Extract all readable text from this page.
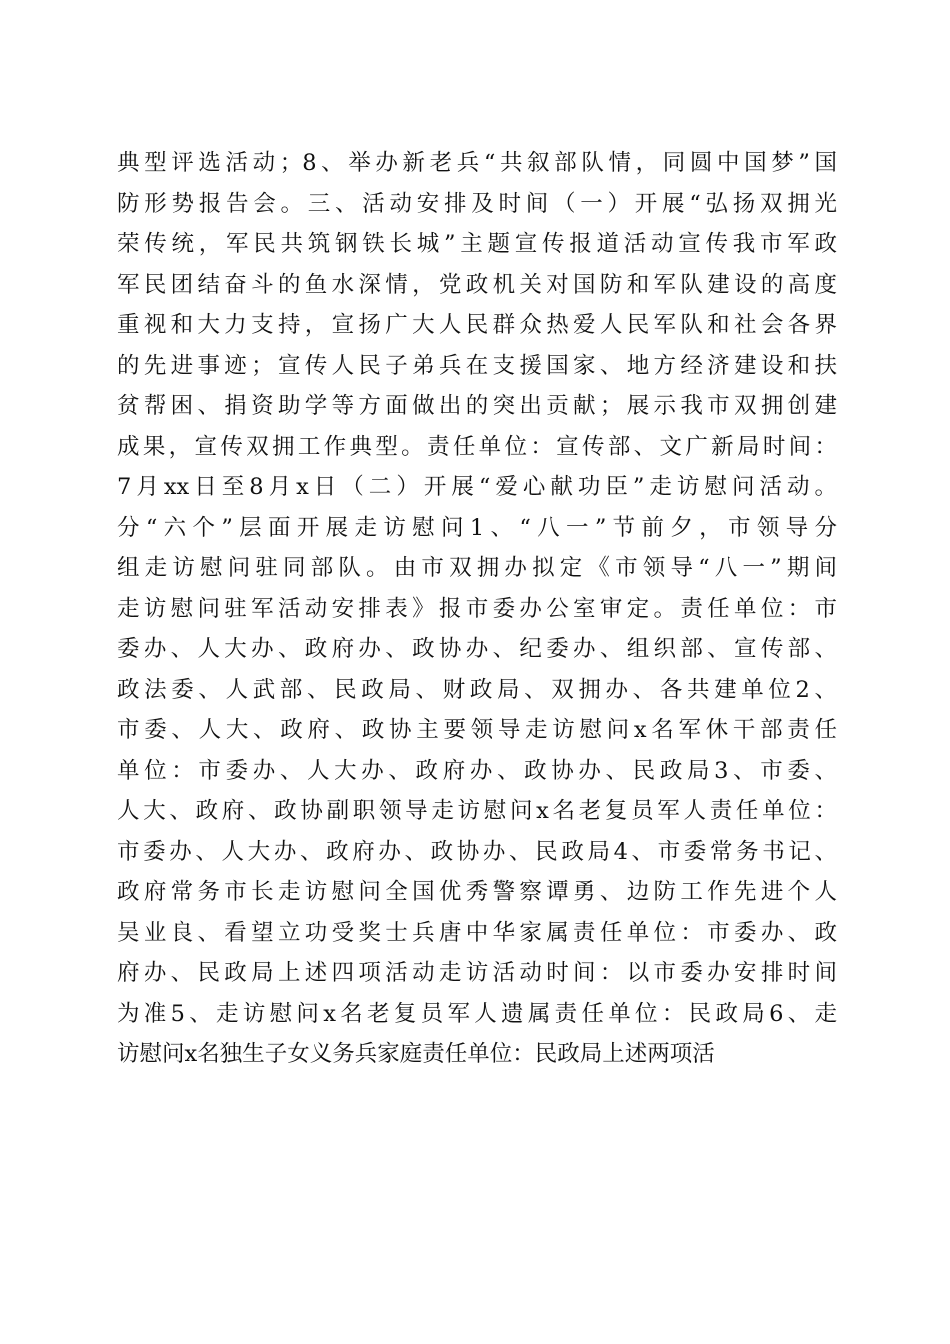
典型评选活动；8、举办新老兵“共叙部队情，同圆中国梦”国
防形势报告会。三、活动安排及时间（一）开展“弘扬双拥光
荣传统，军民共筑钢铁长城”主题宣传报道活动宣传我市军政
军民团结奋斗的鱼水深情，党政机关对国防和军队建设的高度
重视和大力支持，宣扬广大人民群众热爱人民军队和社会各界
的先进事迹；宣传人民子弟兵在支援国家、地方经济建设和扶
贫帮困、捐资助学等方面做出的突出贡献；展示我市双拥创建
成果，宣传双拥工作典型。责任单位：宣传部、文广新局时间：
7月xx日至8月x日（二）开展“爱心献功臣”走访慰问活动。
分“六个”层面开展走访慰问1、“八一”节前夕，市领导分
组走访慰问驻同部队。由市双拥办拟定《市领导“八一”期间
走访慰问驻军活动安排表》报市委办公室审定。责任单位：市
委办、人大办、政府办、政协办、纪委办、组织部、宣传部、
政法委、人武部、民政局、财政局、双拥办、各共建单位2、
市委、人大、政府、政协主要领导走访慰问x名军休干部责任
单位：市委办、人大办、政府办、政协办、民政局3、市委、
人大、政府、政协副职领导走访慰问x名老复员军人责任单位：
市委办、人大办、政府办、政协办、民政局4、市委常务书记、
政府常务市长走访慰问全国优秀警察谭勇、边防工作先进个人
吴业良、看望立功受奖士兵唐中华家属责任单位：市委办、政
府办、民政局上述四项活动走访活动时间：以市委办安排时间
为准5、走访慰问x名老复员军人遗属责任单位：民政局6、走
访慰问x名独生子女义务兵家庭责任单位：民政局上述两项活
